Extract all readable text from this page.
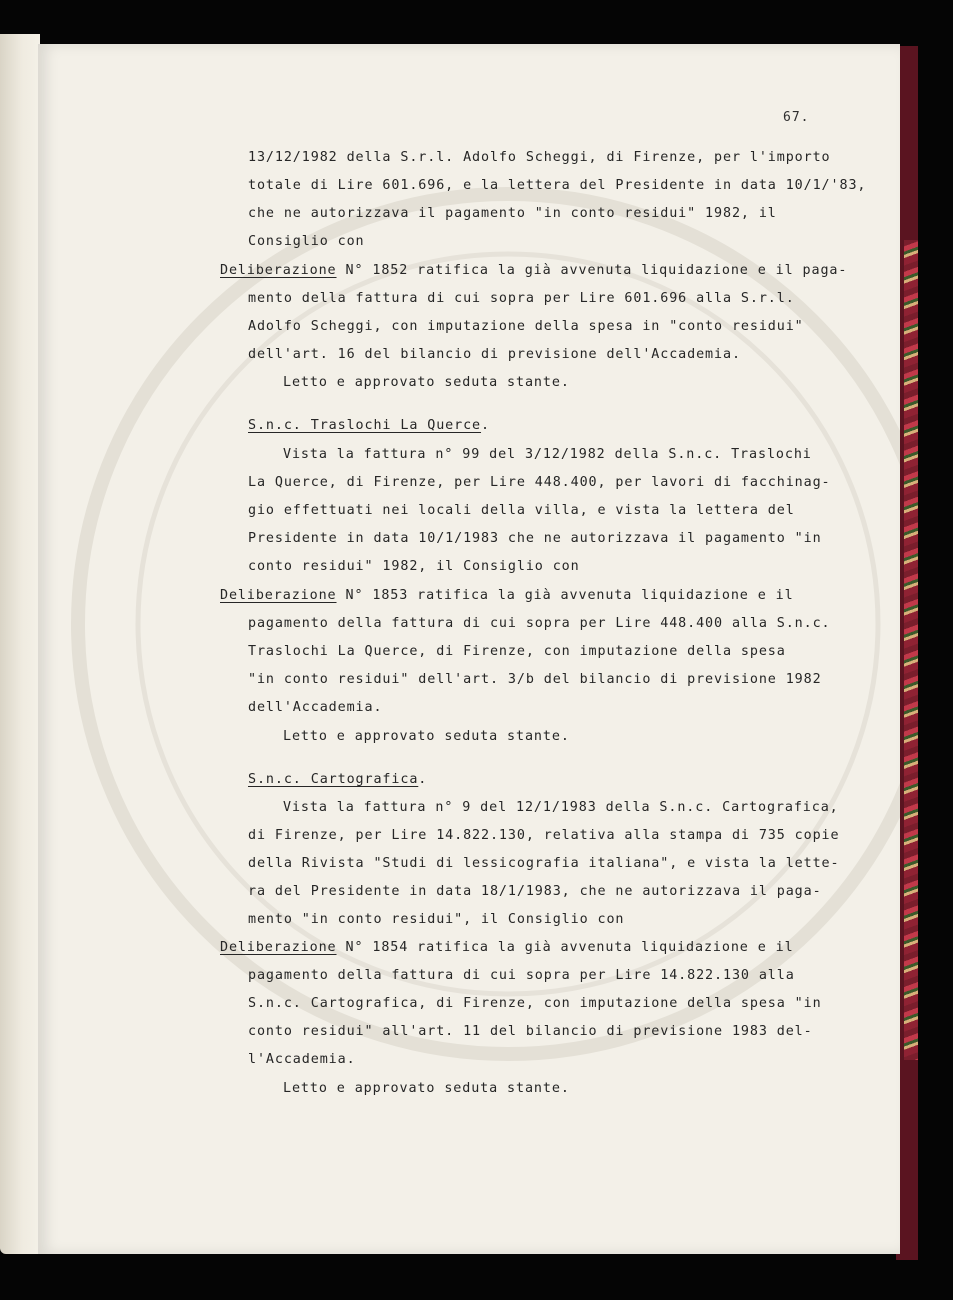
67.
13/12/1982 della S.r.l. Adolfo Scheggi, di Firenze, per l'importo
totale di Lire 601.696, e la lettera del Presidente in data 10/1/'83,
che ne autorizzava il pagamento "in conto residui" 1982, il
Consiglio con
Deliberazione N° 1852 ratifica la già avvenuta liquidazione e il paga-
mento della fattura di cui sopra per Lire 601.696 alla S.r.l.
Adolfo Scheggi, con imputazione della spesa in "conto residui"
dell'art. 16 del bilancio di previsione dell'Accademia.
Letto e approvato seduta stante.
S.n.c. Traslochi La Querce.
Vista la fattura n° 99 del 3/12/1982 della S.n.c. Traslochi
La Querce, di Firenze, per Lire 448.400, per lavori di facchinag-
gio effettuati nei locali della villa, e vista la lettera del
Presidente in data 10/1/1983 che ne autorizzava il pagamento "in
conto residui" 1982, il Consiglio con
Deliberazione N° 1853 ratifica la già avvenuta liquidazione e il
pagamento della fattura di cui sopra per Lire 448.400 alla S.n.c.
Traslochi La Querce, di Firenze, con imputazione della spesa
"in conto residui" dell'art. 3/b del bilancio di previsione 1982
dell'Accademia.
Letto e approvato seduta stante.
S.n.c. Cartografica.
Vista la fattura n° 9 del 12/1/1983 della S.n.c. Cartografica,
di Firenze, per Lire 14.822.130, relativa alla stampa di 735 copie
della Rivista "Studi di lessicografia italiana", e vista la lette-
ra del Presidente in data 18/1/1983, che ne autorizzava il paga-
mento "in conto residui", il Consiglio con
Deliberazione N° 1854 ratifica la già avvenuta liquidazione e il
pagamento della fattura di cui sopra per Lire 14.822.130 alla
S.n.c. Cartografica, di Firenze, con imputazione della spesa "in
conto residui" all'art. 11 del bilancio di previsione 1983 del-
l'Accademia.
Letto e approvato seduta stante.
